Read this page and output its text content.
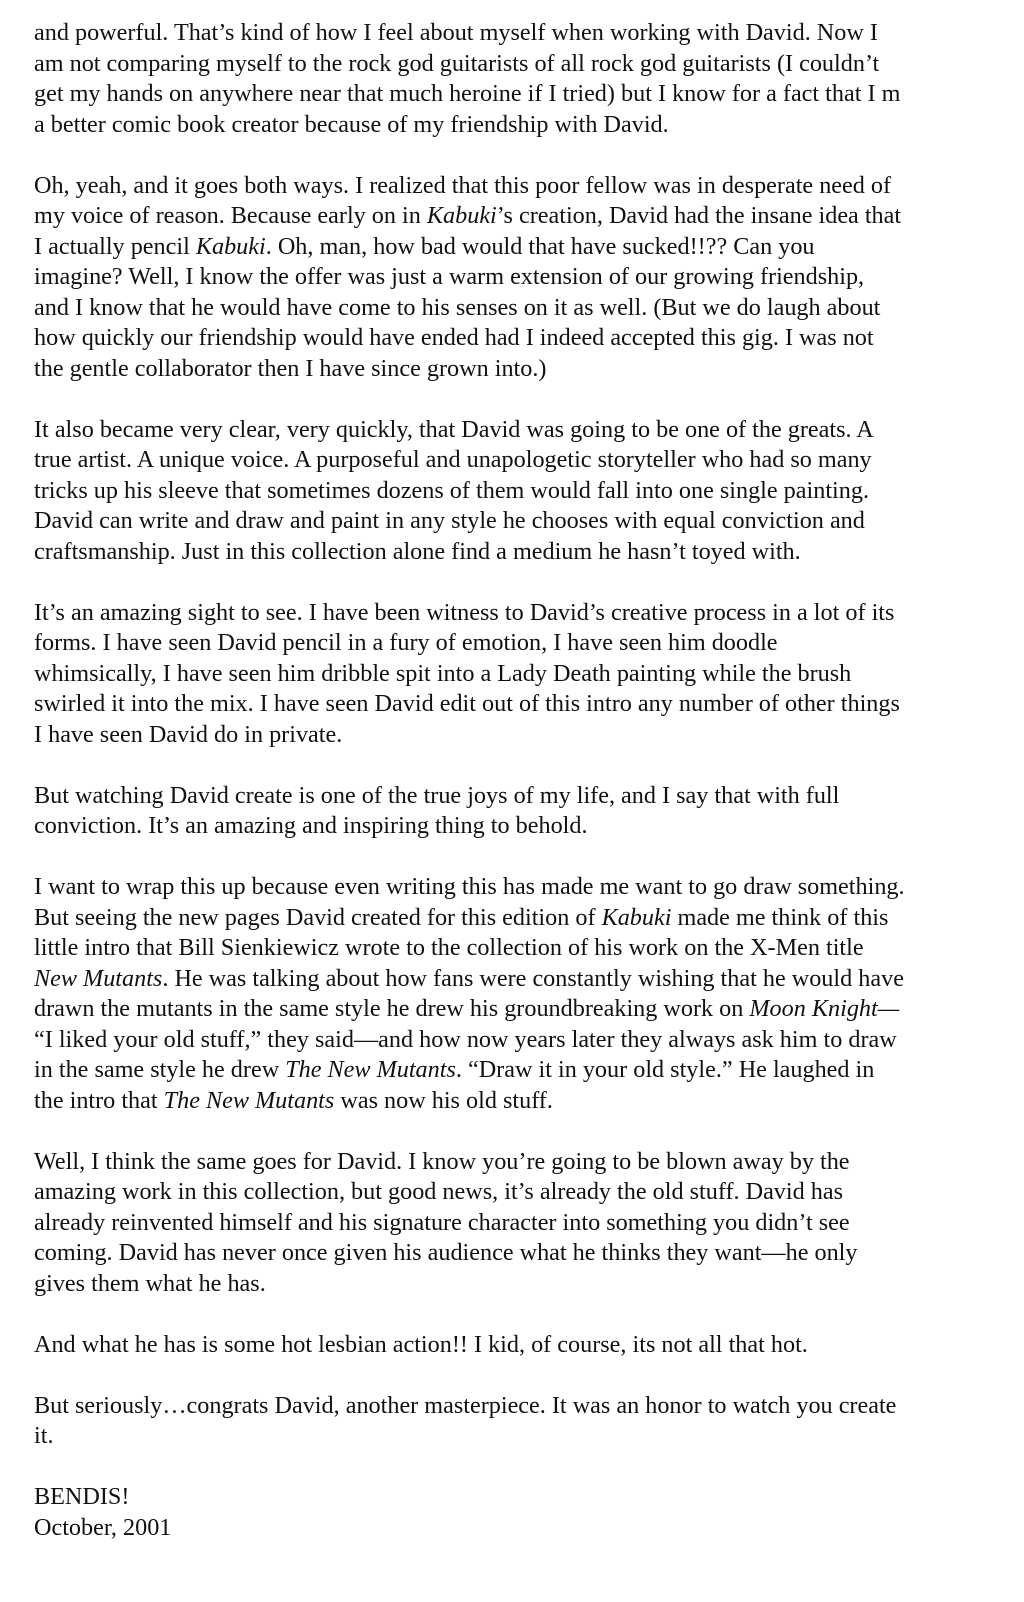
and powerful. That’s kind of how I feel about myself when working with David. Now I
am not comparing myself to the rock god guitarists of all rock god guitarists (I couldn’t
get my hands on anywhere near that much heroine if I tried) but I know for a fact that I m
a better comic book creator because of my friendship with David.

Oh, yeah, and it goes both ways. I realized that this poor fellow was in desperate need of
my voice of reason. Because early on in Kabuki’s creation, David had the insane idea that
I actually pencil Kabuki. Oh, man, how bad would that have sucked!!?? Can you
imagine? Well, I know the offer was just a warm extension of our growing friendship,
and I know that he would have come to his senses on it as well. (But we do laugh about
how quickly our friendship would have ended had I indeed accepted this gig. I was not
the gentle collaborator then I have since grown into.)

It also became very clear, very quickly, that David was going to be one of the greats. A
true artist. A unique voice. A purposeful and unapologetic storyteller who had so many
tricks up his sleeve that sometimes dozens of them would fall into one single painting.
David can write and draw and paint in any style he chooses with equal conviction and
craftsmanship. Just in this collection alone find a medium he hasn’t toyed with.

It’s an amazing sight to see. I have been witness to David’s creative process in a lot of its
forms. I have seen David pencil in a fury of emotion, I have seen him doodle
whimsically, I have seen him dribble spit into a Lady Death painting while the brush
swirled it into the mix. I have seen David edit out of this intro any number of other things
I have seen David do in private.

But watching David create is one of the true joys of my life, and I say that with full
conviction. It’s an amazing and inspiring thing to behold.

I want to wrap this up because even writing this has made me want to go draw something.
But seeing the new pages David created for this edition of Kabuki made me think of this
little intro that Bill Sienkiewicz wrote to the collection of his work on the X-Men title
New Mutants. He was talking about how fans were constantly wishing that he would have
drawn the mutants in the same style he drew his groundbreaking work on Moon Knight—
“I liked your old stuff,” they said—and how now years later they always ask him to draw
in the same style he drew The New Mutants. “Draw it in your old style.” He laughed in
the intro that The New Mutants was now his old stuff.

Well, I think the same goes for David. I know you’re going to be blown away by the
amazing work in this collection, but good news, it’s already the old stuff. David has
already reinvented himself and his signature character into something you didn’t see
coming. David has never once given his audience what he thinks they want—he only
gives them what he has.

And what he has is some hot lesbian action!! I kid, of course, its not all that hot.

But seriously…congrats David, another masterpiece. It was an honor to watch you create
it.

BENDIS!
October, 2001
